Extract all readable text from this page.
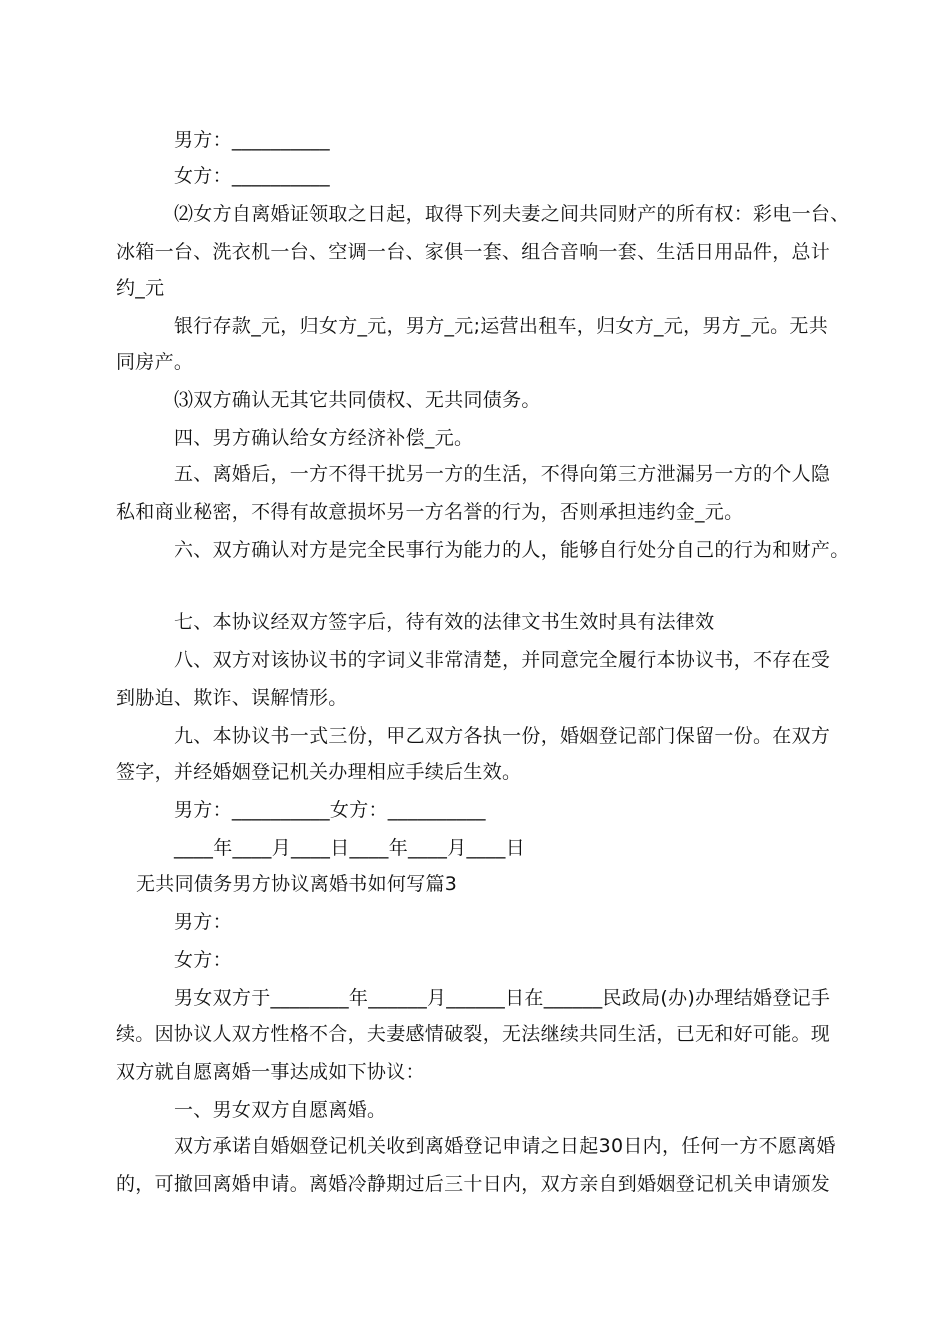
男方：__________
女方：__________
⑵女方自离婚证领取之日起，取得下列夫妻之间共同财产的所有权：彩电一台、
冰箱一台、洗衣机一台、空调一台、家俱一套、组合音响一套、生活日用品件，总计
约_元
银行存款_元，归女方_元，男方_元;运营出租车，归女方_元，男方_元。无共
同房产。
⑶双方确认无其它共同债权、无共同债务。
四、男方确认给女方经济补偿_元。
五、离婚后，一方不得干扰另一方的生活，不得向第三方泄漏另一方的个人隐
私和商业秘密，不得有故意损坏另一方名誉的行为，否则承担违约金_元。
六、双方确认对方是完全民事行为能力的人，能够自行处分自己的行为和财产。
七、本协议经双方签字后，待有效的法律文书生效时具有法律效
八、双方对该协议书的字词义非常清楚，并同意完全履行本协议书，不存在受
到胁迫、欺诈、误解情形。
九、本协议书一式三份，甲乙双方各执一份，婚姻登记部门保留一份。在双方
签字，并经婚姻登记机关办理相应手续后生效。
男方：__________女方：__________
____年____月____日____年____月____日
无共同债务男方协议离婚书如何写篇3
男方：
女方：
男女双方于________年______月______日在______民政局(办)办理结婚登记手
续。因协议人双方性格不合，夫妻感情破裂，无法继续共同生活，已无和好可能。现
双方就自愿离婚一事达成如下协议：
一、男女双方自愿离婚。
双方承诺自婚姻登记机关收到离婚登记申请之日起30日内，任何一方不愿离婚
的，可撤回离婚申请。离婚冷静期过后三十日内，双方亲自到婚姻登记机关申请颁发
